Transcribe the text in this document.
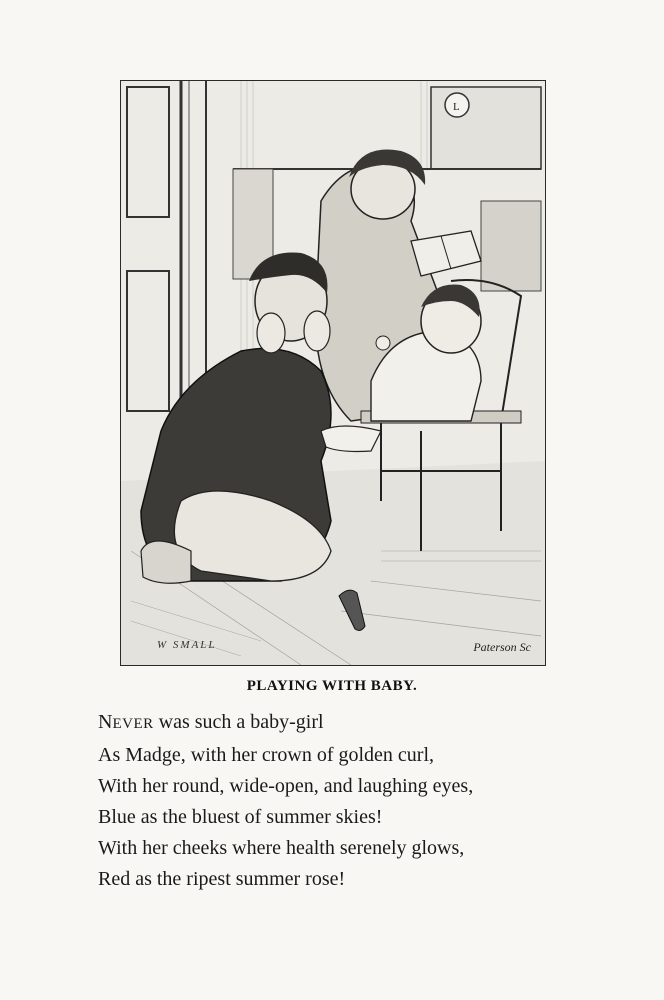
L
W SMALL	Paterson Sc
PLAYING WITH BABY.
NEVER was such a baby-girl
As Madge, with her crown of golden curl,
With her round, wide-open, and laughing eyes,
Blue as the bluest of summer skies!
With her cheeks where health serenely glows,
Red as the ripest summer rose!
